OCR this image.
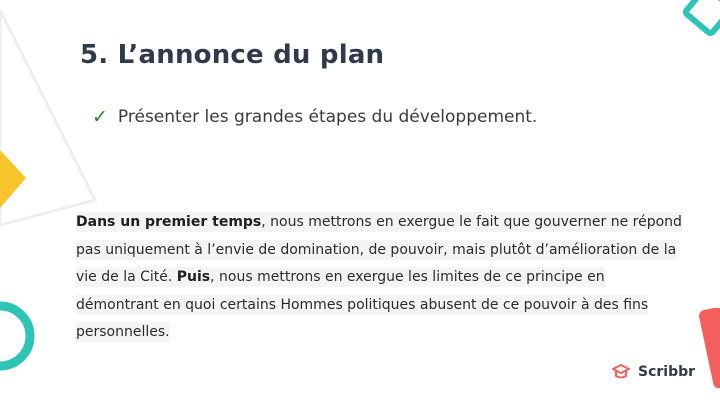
5. L’annonce du plan
✓ Présenter les grandes étapes du développement.
Dans un premier temps, nous mettrons en exergue le fait que gouverner ne répond pas uniquement à l’envie de domination, de pouvoir, mais plutôt d’amélioration de la vie de la Cité. Puis, nous mettrons en exergue les limites de ce principe en démontrant en quoi certains Hommes politiques abusent de ce pouvoir à des fins personnelles.
Scribbr
